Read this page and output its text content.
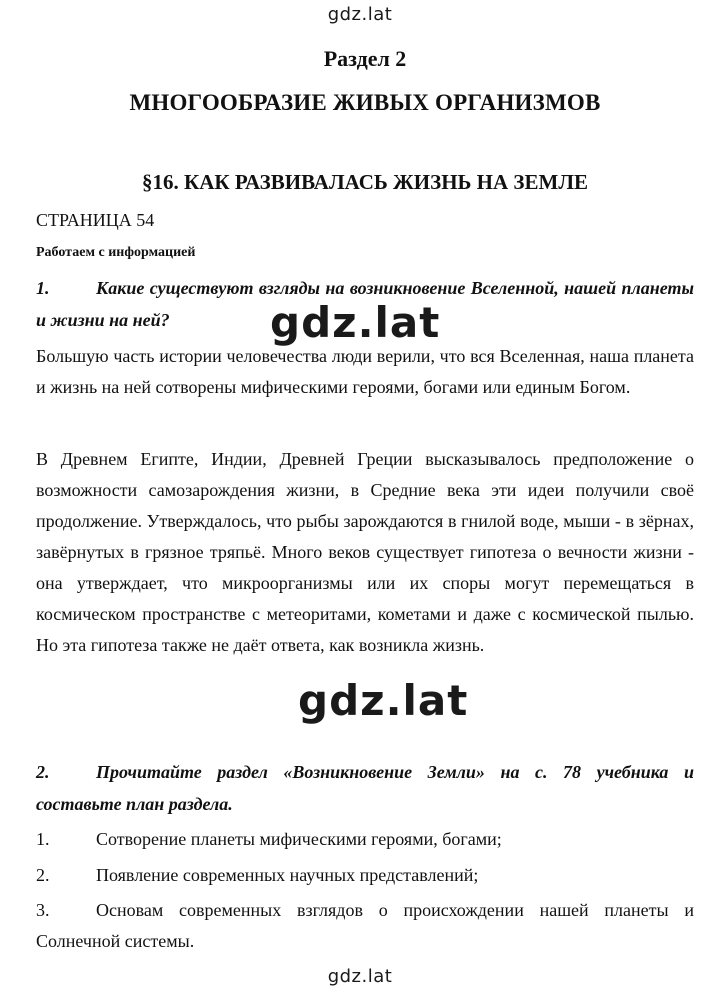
gdz.lat
Раздел 2
МНОГООБРАЗИЕ ЖИВЫХ ОРГАНИЗМОВ
§16. КАК РАЗВИВАЛАСЬ ЖИЗНЬ НА ЗЕМЛЕ
СТРАНИЦА 54
Работаем с информацией
1.	Какие существуют взгляды на возникновение Вселенной, нашей планеты и жизни на ней?
Большую часть истории человечества люди верили, что вся Вселенная, наша планета и жизнь на ней сотворены мифическими героями, богами или единым Богом.
В Древнем Египте, Индии, Древней Греции высказывалось предположение о возможности самозарождения жизни, в Средние века эти идеи получили своё продолжение. Утверждалось, что рыбы зарождаются в гнилой воде, мыши - в зёрнах, завёрнутых в грязное тряпьё. Много веков существует гипотеза о вечности жизни - она утверждает, что микроорганизмы или их споры могут перемещаться в космическом пространстве с метеоритами, кометами и даже с космической пылью. Но эта гипотеза также не даёт ответа, как возникла жизнь.
2.	Прочитайте раздел «Возникновение Земли» на с. 78 учебника и составьте план раздела.
1.	Сотворение планеты мифическими героями, богами;
2.	Появление современных научных представлений;
3.	Основам современных взглядов о происхождении нашей планеты и Солнечной системы.
gdz.lat
gdz.lat
gdz.lat
